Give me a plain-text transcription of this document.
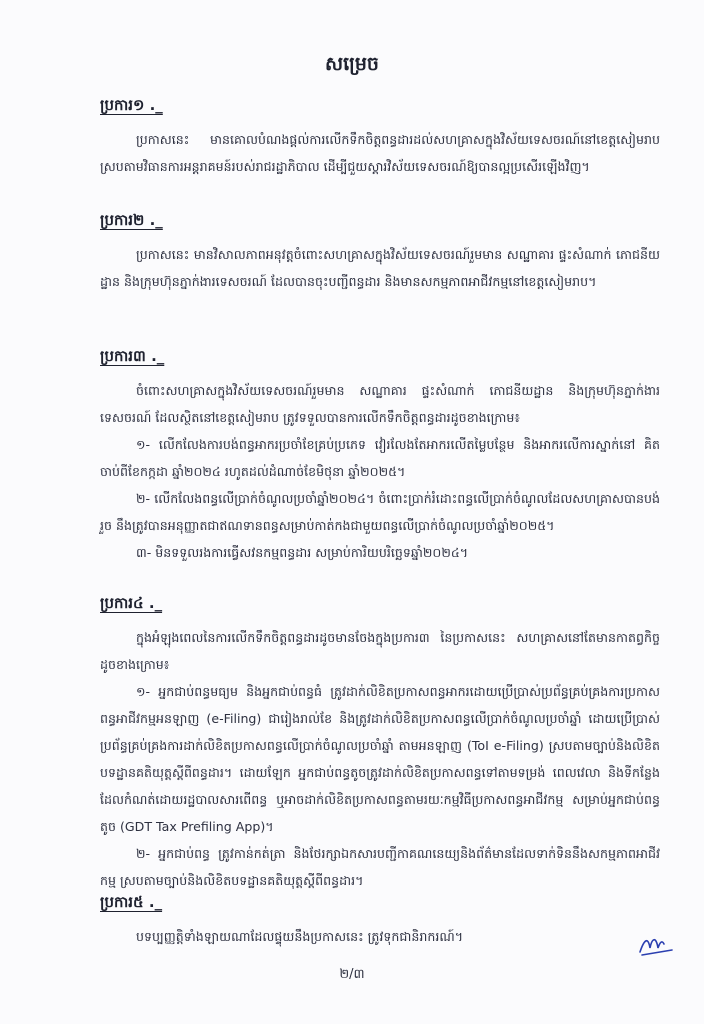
សម្រេច
ប្រការ១ ._
ប្រកាសនេះ មានគោលបំណងផ្តល់ការលើកទឹកចិត្តពន្ធដារដល់សហគ្រាសក្នុងវិស័យទេសចរណ៍នៅខេត្តសៀមរាប ស្របតាមវិធានការអន្តរាគមន៍របស់រាជរដ្ឋាភិបាល ដើម្បីជួយស្តារវិស័យទេសចរណ៍ឱ្យបានល្អប្រសើរឡើងវិញ។
ប្រការ២ ._
ប្រកាសនេះ មានវិសាលភាពអនុវត្តចំពោះសហគ្រាសក្នុងវិស័យទេសចរណ៍រួមមាន សណ្ឋាគារ ផ្ទះសំណាក់ ភោជនីយដ្ឋាន និងក្រុមហ៊ុនភ្នាក់ងារទេសចរណ៍ ដែលបានចុះបញ្ជីពន្ធដារ និងមានសកម្មភាពអាជីវកម្មនៅខេត្តសៀមរាប។
ប្រការ៣ ._
ចំពោះសហគ្រាសក្នុងវិស័យទេសចរណ៍រួមមាន សណ្ឋាគារ ផ្ទះសំណាក់ ភោជនីយដ្ឋាន និងក្រុមហ៊ុនភ្នាក់ងារទេសចរណ៍ ដែលស្ថិតនៅខេត្តសៀមរាប ត្រូវទទួលបានការលើកទឹកចិត្តពន្ធដារដូចខាងក្រោម៖
១- លើកលែងការបង់ពន្ធអាករប្រចាំខែគ្រប់ប្រភេទ វៀរលែងតែអាករលើតម្លៃបន្ថែម និងអាករលើការស្នាក់នៅ គិតចាប់ពីខែកក្កដា ឆ្នាំ២០២៤ រហូតដល់ដំណាច់ខែមិថុនា ឆ្នាំ២០២៥។
២- លើកលែងពន្ធលើប្រាក់ចំណូលប្រចាំឆ្នាំ២០២៤។ ចំពោះប្រាក់រំដោះពន្ធលើប្រាក់ចំណូលដែលសហគ្រាសបានបង់រួច នឹងត្រូវបានអនុញ្ញាតជាឥណទានពន្ធសម្រាប់កាត់កងជាមួយពន្ធលើប្រាក់ចំណូលប្រចាំឆ្នាំ២០២៥។
៣- មិនទទួលរងការធ្វើសវនកម្មពន្ធដារ សម្រាប់ការិយបរិច្ឆេទឆ្នាំ២០២៤។
ប្រការ៤ ._
ក្នុងអំឡុងពេលនៃការលើកទឹកចិត្តពន្ធដារដូចមានចែងក្នុងប្រការ៣ នៃប្រកាសនេះ សហគ្រាសនៅតែមានកាតព្វកិច្ចដូចខាងក្រោម៖
១- អ្នកជាប់ពន្ធមធ្យម និងអ្នកជាប់ពន្ធធំ ត្រូវដាក់លិខិតប្រកាសពន្ធអាករដោយប្រើប្រាស់ប្រព័ន្ធគ្រប់គ្រងការប្រកាសពន្ធអាជីវកម្មអនឡាញ (e-Filing) ជារៀងរាល់ខែ និងត្រូវដាក់លិខិតប្រកាសពន្ធលើប្រាក់ចំណូលប្រចាំឆ្នាំ ដោយប្រើប្រាស់ប្រព័ន្ធគ្រប់គ្រងការដាក់លិខិតប្រកាសពន្ធលើប្រាក់ចំណូលប្រចាំឆ្នាំ តាមអនឡាញ (ToI e-Filing) ស្របតាមច្បាប់និងលិខិតបទដ្ឋានគតិយុត្តស្តីពីពន្ធដារ។ ដោយឡែក អ្នកជាប់ពន្ធតូចត្រូវដាក់លិខិតប្រកាសពន្ធទៅតាមទម្រង់ ពេលវេលា និងទីកន្លែងដែលកំណត់ដោយរដ្ឋបាលសារពើពន្ធ ឬអាចដាក់លិខិតប្រកាសពន្ធតាមរយៈកម្មវិធីប្រកាសពន្ធអាជីវកម្ម សម្រាប់អ្នកជាប់ពន្ធតូច (GDT Tax Prefiling App)។
២- អ្នកជាប់ពន្ធ ត្រូវកាន់កត់ត្រា និងថែរក្សាឯកសារបញ្ជីកាគណនេយ្យនិងព័ត៌មានដែលទាក់ទិននឹងសកម្មភាពអាជីវកម្ម ស្របតាមច្បាប់និងលិខិតបទដ្ឋានគតិយុត្តស្តីពីពន្ធដារ។
ប្រការ៥ ._
បទប្បញ្ញត្តិទាំងឡាយណាដែលផ្ទុយនឹងប្រកាសនេះ ត្រូវទុកជានិរាករណ៍។
២/៣
